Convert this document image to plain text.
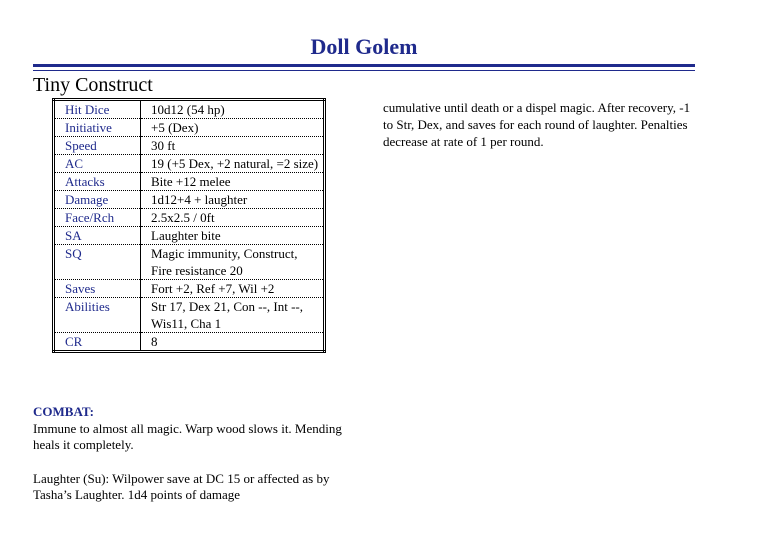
Doll Golem
Tiny Construct
Hit Dice	10d12 (54 hp)
Initiative	+5 (Dex)
Speed	30 ft
AC	19 (+5 Dex, +2 natural, =2 size)
Attacks	Bite +12 melee
Damage	1d12+4 + laughter
Face/Rch	2.5x2.5 / 0ft
SA	Laughter bite
SQ	Magic immunity, Construct, Fire resistance 20
Saves	Fort +2, Ref +7, Wil +2
Abilities	Str 17, Dex 21, Con --, Int --, Wis11, Cha 1
CR	8
COMBAT:

Immune to almost all magic. Warp wood slows it. Mending heals it completely.

Laughter (Su): Wilpower save at DC 15 or affected as by Tasha’s Laughter. 1d4 points of damage

cumulative until death or a dispel magic. After recovery, -1 to Str, Dex, and saves for each round of laughter. Penalties decrease at rate of 1 per round.
